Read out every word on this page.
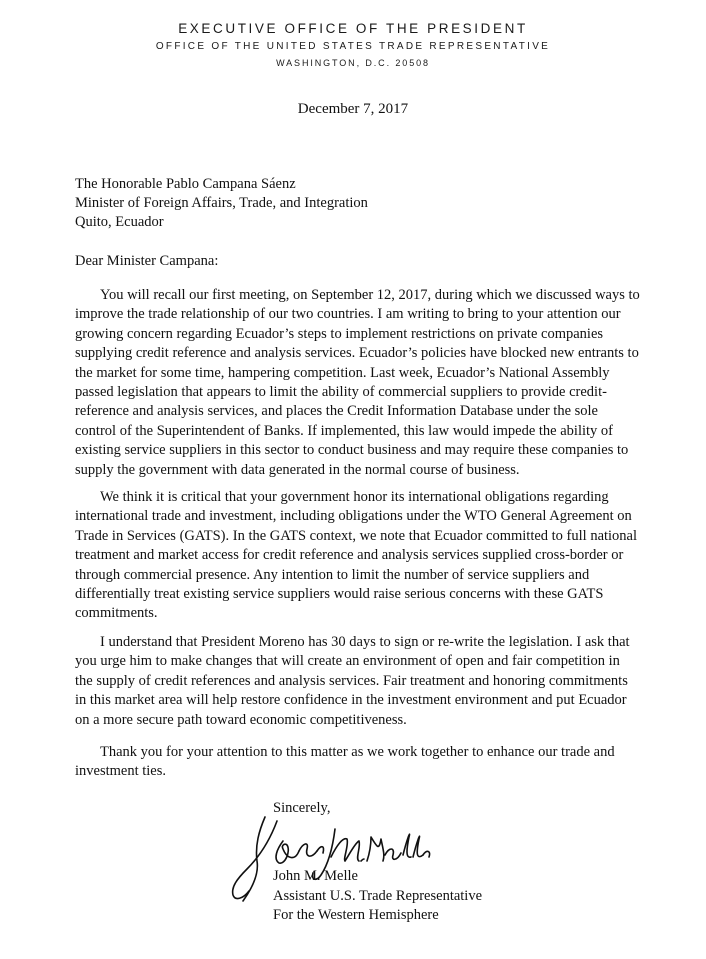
EXECUTIVE OFFICE OF THE PRESIDENT
OFFICE OF THE UNITED STATES TRADE REPRESENTATIVE
WASHINGTON, D.C. 20508
December 7, 2017
The Honorable Pablo Campana Sáenz
Minister of Foreign Affairs, Trade, and Integration
Quito, Ecuador
Dear Minister Campana:

You will recall our first meeting, on September 12, 2017, during which we discussed ways to improve the trade relationship of our two countries. I am writing to bring to your attention our growing concern regarding Ecuador’s steps to implement restrictions on private companies supplying credit reference and analysis services. Ecuador’s policies have blocked new entrants to the market for some time, hampering competition. Last week, Ecuador’s National Assembly passed legislation that appears to limit the ability of commercial suppliers to provide credit-reference and analysis services, and places the Credit Information Database under the sole control of the Superintendent of Banks. If implemented, this law would impede the ability of existing service suppliers in this sector to conduct business and may require these companies to supply the government with data generated in the normal course of business.

We think it is critical that your government honor its international obligations regarding international trade and investment, including obligations under the WTO General Agreement on Trade in Services (GATS). In the GATS context, we note that Ecuador committed to full national treatment and market access for credit reference and analysis services supplied cross-border or through commercial presence. Any intention to limit the number of service suppliers and differentially treat existing service suppliers would raise serious concerns with these GATS commitments.

I understand that President Moreno has 30 days to sign or re-write the legislation. I ask that you urge him to make changes that will create an environment of open and fair competition in the supply of credit references and analysis services. Fair treatment and honoring commitments in this market area will help restore confidence in the investment environment and put Ecuador on a more secure path toward economic competitiveness.

Thank you for your attention to this matter as we work together to enhance our trade and investment ties.

Sincerely,
John M. Melle
Assistant U.S. Trade Representative
For the Western Hemisphere
